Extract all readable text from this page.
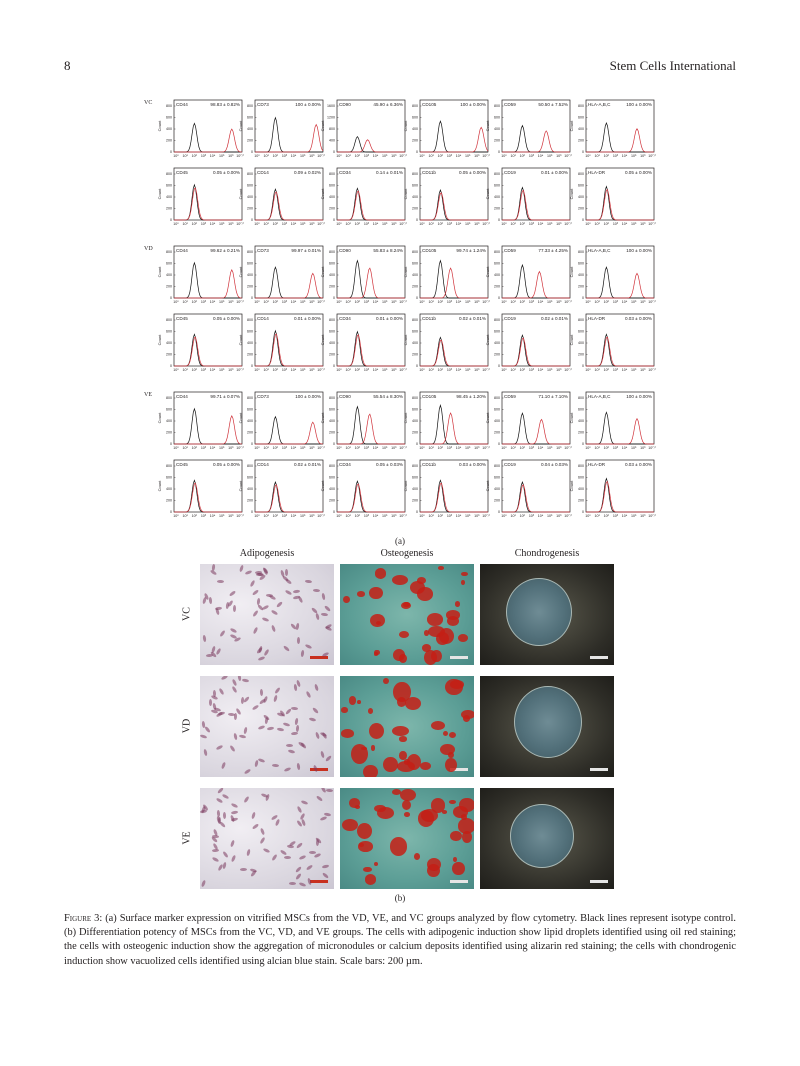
8	Stem Cells International
VC
0
200
400
600
800
Count
10⁰ 10¹ 10² 10³ 10⁴ 10⁵ 10⁶ 10⁷.²
CD44	98.83 ± 0.82%
0
200
400
600
800
Count
10⁰ 10¹ 10² 10³ 10⁴ 10⁵ 10⁶ 10⁷.²
CD73	100 ± 0.00%
0
400
800
1200
1600
Count
10⁰ 10¹ 10² 10³ 10⁴ 10⁵ 10⁶ 10⁷.²
CD90	45.90 ± 6.36%
0
200
400
600
800
Count
10⁰ 10¹ 10² 10³ 10⁴ 10⁵ 10⁶ 10⁷.²
CD105	100 ± 0.00%
0
200
400
600
800
Count
10⁰ 10¹ 10² 10³ 10⁴ 10⁵ 10⁶ 10⁷.²
CD59	50.50 ± 7.52%
0
200
400
600
800
Count
10⁰ 10¹ 10² 10³ 10⁴ 10⁵ 10⁶ 10⁷.²
HLA-A,B,C	100 ± 0.00%
0
200
400
600
800
Count
10⁰ 10¹ 10² 10³ 10⁴ 10⁵ 10⁶ 10⁷.²
CD45	0.05 ± 0.00%
0
200
400
600
800
Count
10⁰ 10¹ 10² 10³ 10⁴ 10⁵ 10⁶ 10⁷.²
CD14	0.09 ± 0.02%
0
200
400
600
800
Count
10⁰ 10¹ 10² 10³ 10⁴ 10⁵ 10⁶ 10⁷.²
CD34	0.14 ± 0.01%
0
200
400
600
800
Count
10⁰ 10¹ 10² 10³ 10⁴ 10⁵ 10⁶ 10⁷.²
CD11b	0.05 ± 0.00%
0
200
400
600
800
Count
10⁰ 10¹ 10² 10³ 10⁴ 10⁵ 10⁶ 10⁷.²
CD19	0.01 ± 0.00%
0
200
400
600
800
Count
10⁰ 10¹ 10² 10³ 10⁴ 10⁵ 10⁶ 10⁷.²
HLA-DR	0.05 ± 0.00%
VD
0
200
400
600
800
Count
10⁰ 10¹ 10² 10³ 10⁴ 10⁵ 10⁶ 10⁷.²
CD44	99.62 ± 0.21%
0
200
400
600
800
Count
10⁰ 10¹ 10² 10³ 10⁴ 10⁵ 10⁶ 10⁷.²
CD73	99.97 ± 0.01%
0
200
400
600
800
Count
10⁰ 10¹ 10² 10³ 10⁴ 10⁵ 10⁶ 10⁷.²
CD90	55.83 ± 8.24%
0
200
400
600
800
Count
10⁰ 10¹ 10² 10³ 10⁴ 10⁵ 10⁶ 10⁷.²
CD105	99.74 ± 1.24%
0
200
400
600
800
Count
10⁰ 10¹ 10² 10³ 10⁴ 10⁵ 10⁶ 10⁷.²
CD59	77.33 ± 4.25%
0
200
400
600
800
Count
10⁰ 10¹ 10² 10³ 10⁴ 10⁵ 10⁶ 10⁷.²
HLA-A,B,C	100 ± 0.00%
0
200
400
600
800
Count
10⁰ 10¹ 10² 10³ 10⁴ 10⁵ 10⁶ 10⁷.²
CD45	0.05 ± 0.00%
0
200
400
600
800
Count
10⁰ 10¹ 10² 10³ 10⁴ 10⁵ 10⁶ 10⁷.²
CD14	0.01 ± 0.00%
0
200
400
600
800
Count
10⁰ 10¹ 10² 10³ 10⁴ 10⁵ 10⁶ 10⁷.²
CD34	0.01 ± 0.00%
0
200
400
600
800
Count
10⁰ 10¹ 10² 10³ 10⁴ 10⁵ 10⁶ 10⁷.²
CD11b	0.02 ± 0.01%
0
200
400
600
800
Count
10⁰ 10¹ 10² 10³ 10⁴ 10⁵ 10⁶ 10⁷.²
CD19	0.02 ± 0.01%
0
200
400
600
800
Count
10⁰ 10¹ 10² 10³ 10⁴ 10⁵ 10⁶ 10⁷.²
HLA-DR	0.03 ± 0.00%
VE
0
200
400
600
800
Count
10⁰ 10¹ 10² 10³ 10⁴ 10⁵ 10⁶ 10⁷.²
CD44	99.71 ± 0.07%
0
200
400
600
800
Count
10⁰ 10¹ 10² 10³ 10⁴ 10⁵ 10⁶ 10⁷.²
CD73	100 ± 0.00%
0
200
400
600
800
Count
10⁰ 10¹ 10² 10³ 10⁴ 10⁵ 10⁶ 10⁷.²
CD90	55.54 ± 8.30%
0
200
400
600
800
Count
10⁰ 10¹ 10² 10³ 10⁴ 10⁵ 10⁶ 10⁷.²
CD105	98.45 ± 1.20%
0
200
400
600
800
Count
10⁰ 10¹ 10² 10³ 10⁴ 10⁵ 10⁶ 10⁷.²
CD59	71.10 ± 7.10%
0
200
400
600
800
Count
10⁰ 10¹ 10² 10³ 10⁴ 10⁵ 10⁶ 10⁷.²
HLA-A,B,C	100 ± 0.00%
0
200
400
600
800
Count
10⁰ 10¹ 10² 10³ 10⁴ 10⁵ 10⁶ 10⁷.²
CD45	0.05 ± 0.00%
0
200
400
600
800
Count
10⁰ 10¹ 10² 10³ 10⁴ 10⁵ 10⁶ 10⁷.²
CD14	0.02 ± 0.01%
0
200
400
600
800
Count
10⁰ 10¹ 10² 10³ 10⁴ 10⁵ 10⁶ 10⁷.²
CD34	0.05 ± 0.03%
0
200
400
600
800
Count
10⁰ 10¹ 10² 10³ 10⁴ 10⁵ 10⁶ 10⁷.²
CD11b	0.03 ± 0.00%
0
200
400
600
800
Count
10⁰ 10¹ 10² 10³ 10⁴ 10⁵ 10⁶ 10⁷.²
CD19	0.04 ± 0.03%
0
200
400
600
800
Count
10⁰ 10¹ 10² 10³ 10⁴ 10⁵ 10⁶ 10⁷.²
HLA-DR	0.03 ± 0.00%
(a)
Adipogenesis	Osteogenesis	Chondrogenesis
VC
VD
VE
(b)
Figure 3: (a) Surface marker expression on vitrified MSCs from the VD, VE, and VC groups analyzed by flow cytometry. Black lines represent isotype control. (b) Differentiation potency of MSCs from the VC, VD, and VE groups. The cells with adipogenic induction show lipid droplets identified using oil red staining; the cells with osteogenic induction show the aggregation of micronodules or calcium deposits identified using alizarin red staining; the cells with chondrogenic induction show vacuolized cells identified using alcian blue stain. Scale bars: 200 µm.
